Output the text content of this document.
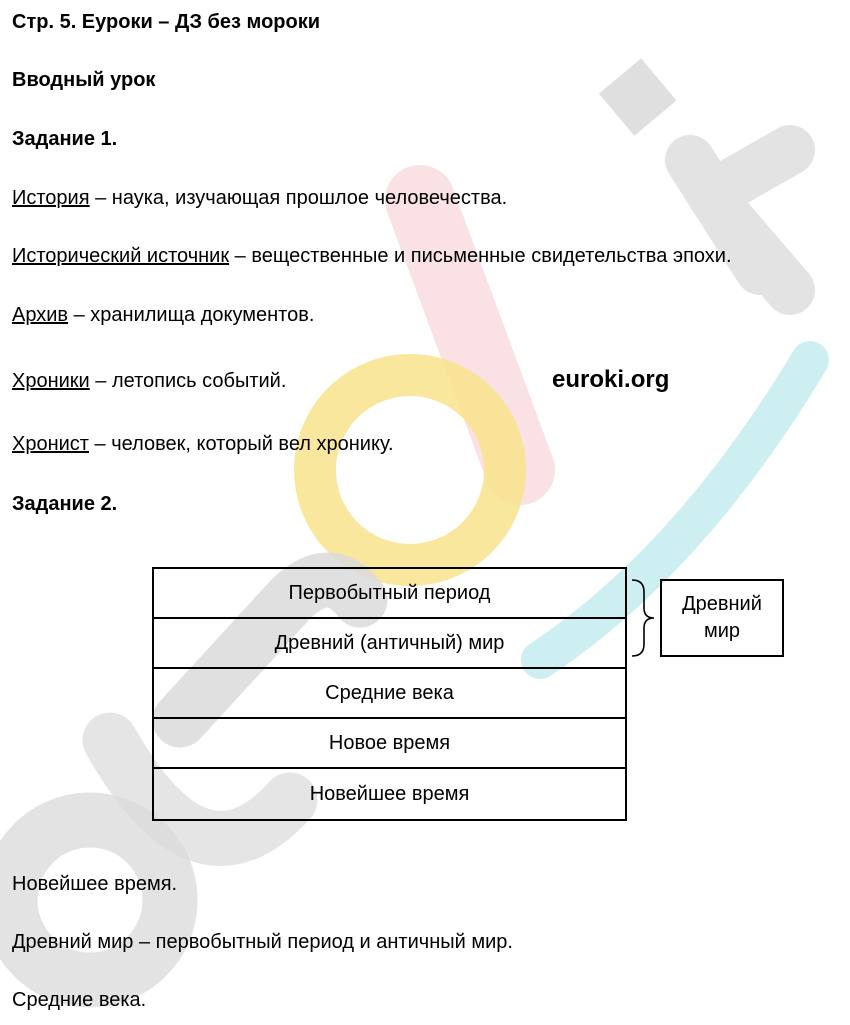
Стр. 5. Еуроки – ДЗ без мороки
Вводный урок
Задание 1.
История – наука, изучающая прошлое человечества.
Исторический источник – вещественные и письменные свидетельства эпохи.
Архив – хранилища документов.
Хроники – летопись событий.
Хронист – человек, который вел хронику.
euroki.org
Задание 2.
Первобытный период
Древний (античный) мир
Средние века
Новое время
Новейшее время
Древний
мир
Новейшее время.
Древний мир – первобытный период и античный мир.
Средние века.
